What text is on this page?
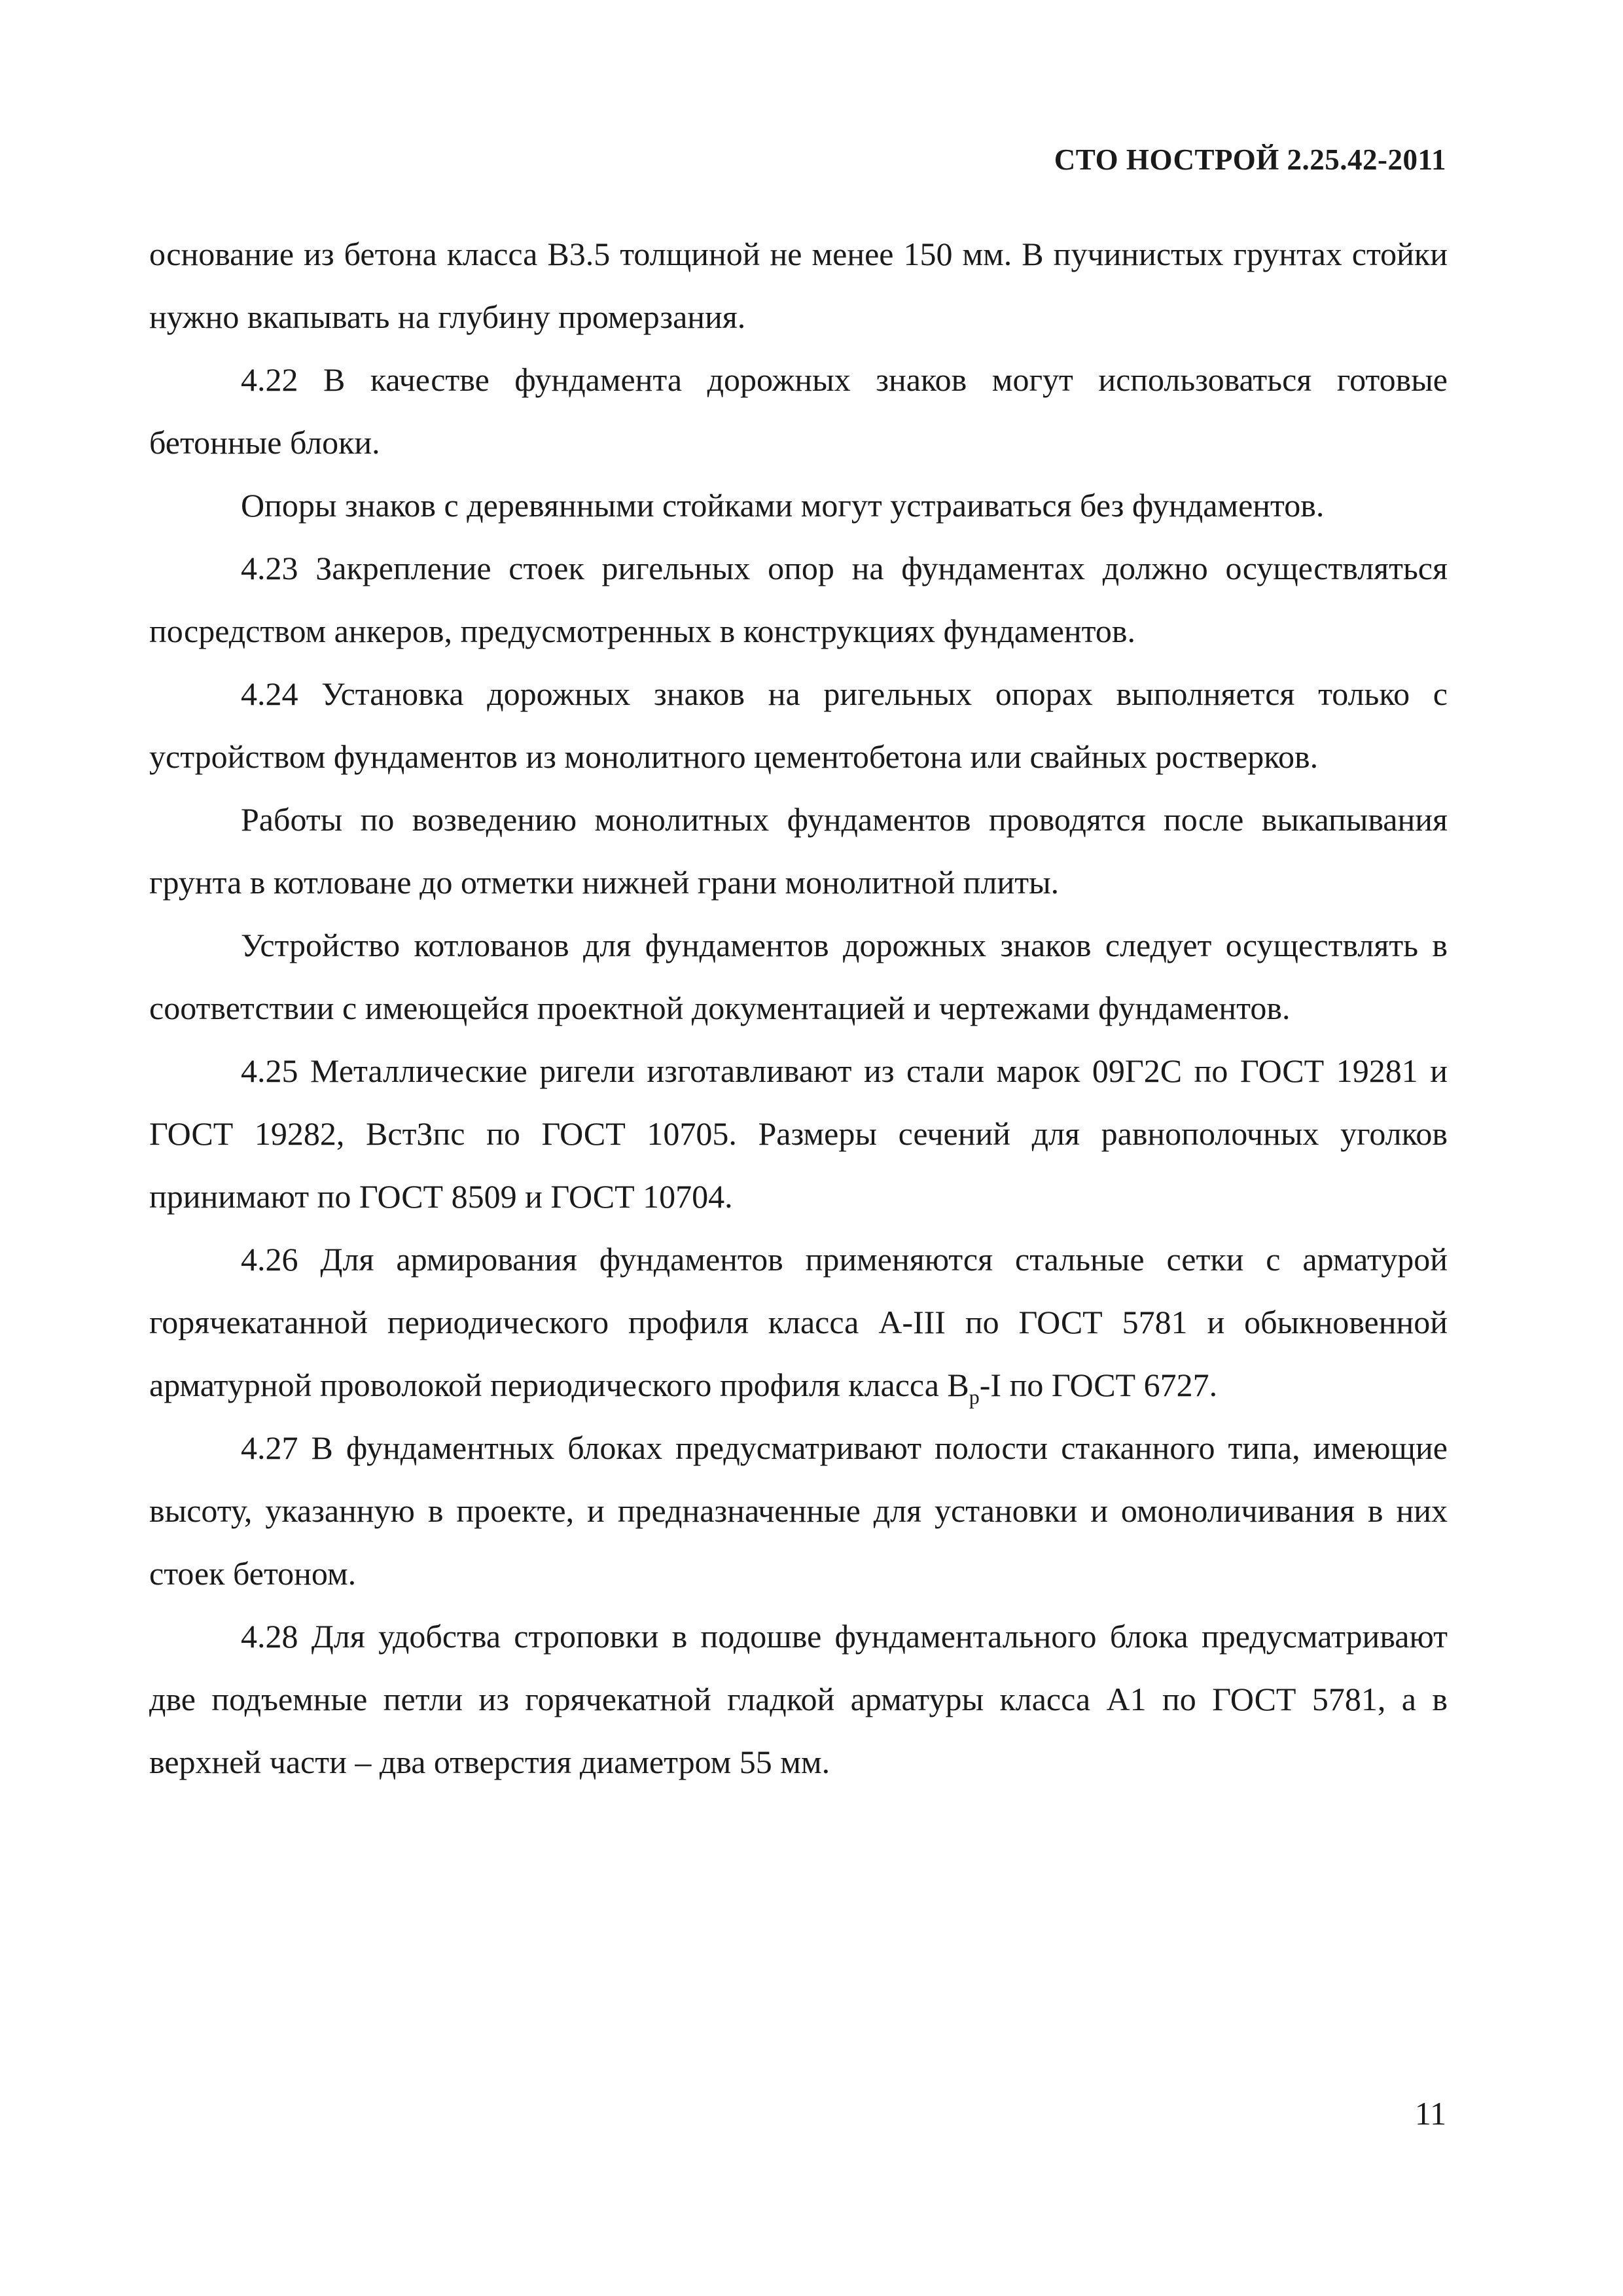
СТО НОСТРОЙ 2.25.42-2011

основание из бетона класса В3.5 толщиной не менее 150 мм. В пучинистых грунтах стойки нужно вкапывать на глубину промерзания.

4.22 В качестве фундамента дорожных знаков могут использоваться готовые бетонные блоки.

Опоры знаков с деревянными стойками могут устраиваться без фундаментов.

4.23 Закрепление стоек ригельных опор на фундаментах должно осуществляться посредством анкеров, предусмотренных в конструкциях фундаментов.

4.24 Установка дорожных знаков на ригельных опорах выполняется только с устройством фундаментов из монолитного цементобетона или свайных ростверков.

Работы по возведению монолитных фундаментов проводятся после выкапывания грунта в котловане до отметки нижней грани монолитной плиты.

Устройство котлованов для фундаментов дорожных знаков следует осуществлять в соответствии с имеющейся проектной документацией и чертежами фундаментов.

4.25 Металлические ригели изготавливают из стали марок 09Г2С по ГОСТ 19281 и ГОСТ 19282, ВстЗпс по ГОСТ 10705. Размеры сечений для равнополочных уголков принимают по ГОСТ 8509 и ГОСТ 10704.

4.26 Для армирования фундаментов применяются стальные сетки с арматурой горячекатанной периодического профиля класса А-III по ГОСТ 5781 и обыкновенной арматурной проволокой периодического профиля класса $В_р-I$ по ГОСТ 6727.

4.27 В фундаментных блоках предусматривают полости стаканного типа, имеющие высоту, указанную в проекте, и предназначенные для установки и омоноличивания в них стоек бетоном.

4.28 Для удобства строповки в подошве фундаментального блока предусматривают две подъемные петли из горячекатной гладкой арматуры класса А1 по ГОСТ 5781, а в верхней части – два отверстия диаметром 55 мм.

11
